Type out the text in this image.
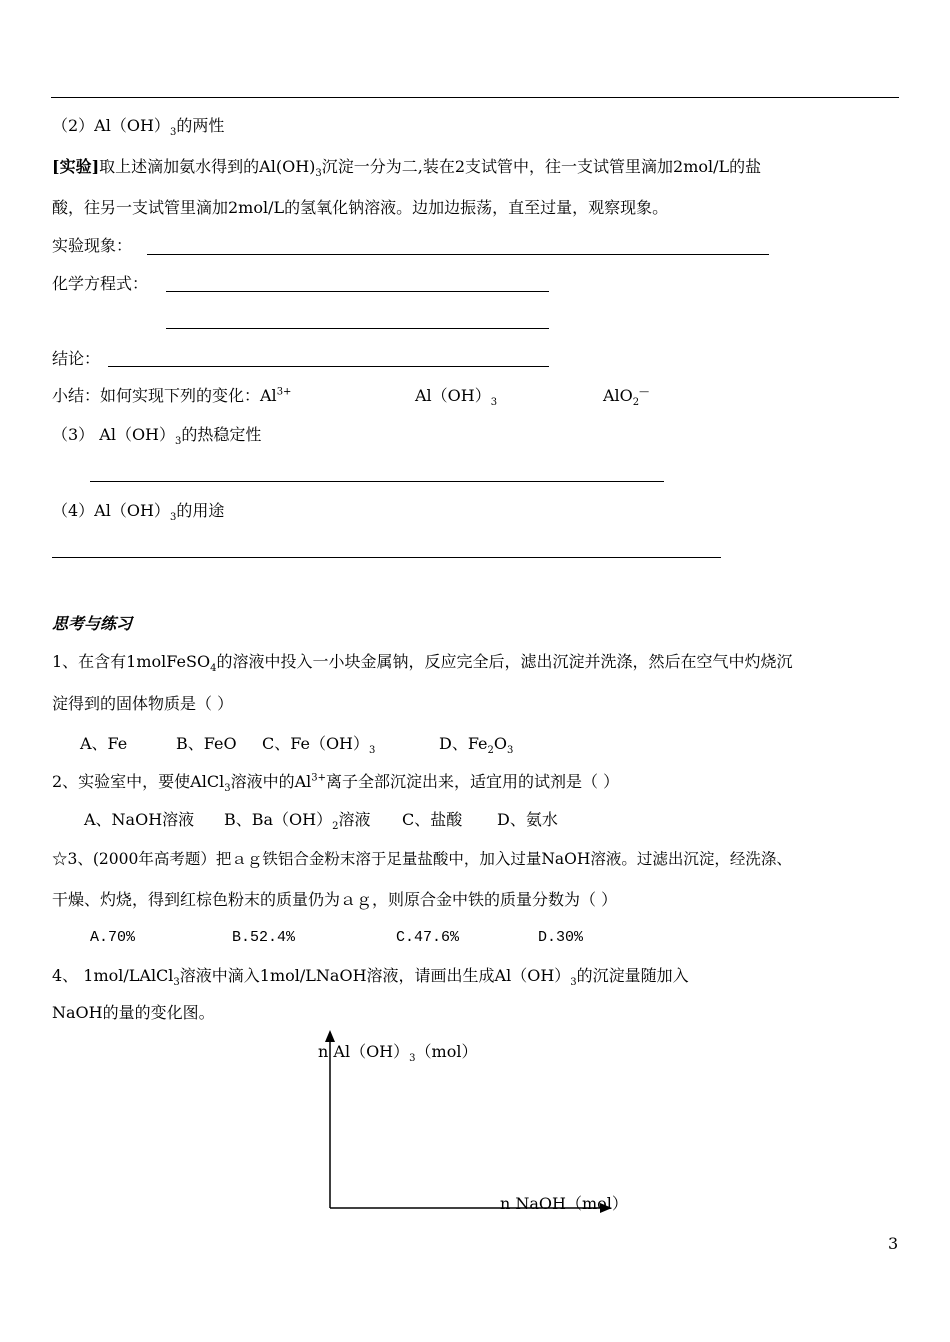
$(2)Al(OH)_3$的两性
[实验]取上述滴加氨水得到的$Al(OH)_3$沉淀一分为二,装在2支试管中，往一支试管里滴加2mol/L的盐
酸，往另一支试管里滴加2mol/L的氢氧化钠溶液。边加边振荡，直至过量，观察现象。
实验现象：
化学方程式：
结论：
小结：如何实现下列的变化：$Al^{3+}$	$Al(OH)_3$	AlO$_2$—
（3） $Al(OH)_3$的热稳定性
$(4)Al(OH)_3$的用途
思考与练习
1、在含有1molFeSO$_4$的溶液中投入一小块金属钠，反应完全后，滤出沉淀并洗涤，然后在空气中灼烧沉
淀得到的固体物质是（ ）
A、Fe	B、FeO C、$Fe(OH)_3$	D、$Fe_2O_3$
2、实验室中，要使AlCl$_3$溶液中的$Al^{3+}$离子全部沉淀出来，适宜用的试剂是（ ）
A、NaOH溶液 B、$Ba(OH)_2$溶液 C、盐酸 D、氨水
☆3、(2000年高考题）把ａｇ铁铝合金粉末溶于足量盐酸中，加入过量NaOH溶液。过滤出沉淀，经洗涤、
干燥、灼烧，得到红棕色粉末的质量仍为ａｇ，则原合金中铁的质量分数为（ ）
A.70%	B.52.4%	C.47.6%	D.30%
4、 1mol/LAlCl$_3$溶液中滴入1mol/LNaOH溶液，请画出生成$Al(OH)_3$的沉淀量随加入
NaOH的量的变化图。
n $Al(OH)_3(mol)$
n NaOH（mol）
3
